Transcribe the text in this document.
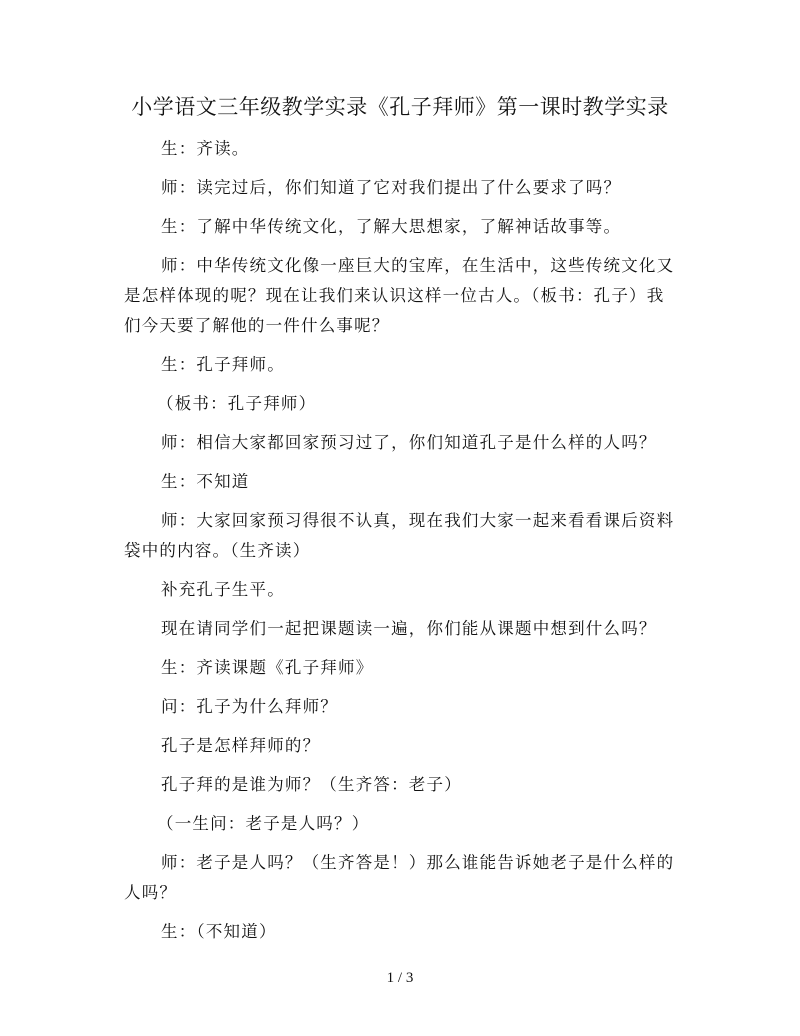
小学语文三年级教学实录《孔子拜师》第一课时教学实录

生：齐读。

师：读完过后，你们知道了它对我们提出了什么要求了吗？

生：了解中华传统文化，了解大思想家，了解神话故事等。

师：中华传统文化像一座巨大的宝库，在生活中，这些传统文化又是怎样体现的呢？现在让我们来认识这样一位古人。（板书：孔子）我们今天要了解他的一件什么事呢？

生：孔子拜师。

（板书：孔子拜师）

师：相信大家都回家预习过了，你们知道孔子是什么样的人吗？

生：不知道

师：大家回家预习得很不认真，现在我们大家一起来看看课后资料袋中的内容。（生齐读）

补充孔子生平。

现在请同学们一起把课题读一遍，你们能从课题中想到什么吗？

生：齐读课题《孔子拜师》

问：孔子为什么拜师？

孔子是怎样拜师的？

孔子拜的是谁为师？（生齐答：老子）

（一生问：老子是人吗？）

师：老子是人吗？（生齐答是！）那么谁能告诉她老子是什么样的人吗？

生：（不知道）

1 / 3
